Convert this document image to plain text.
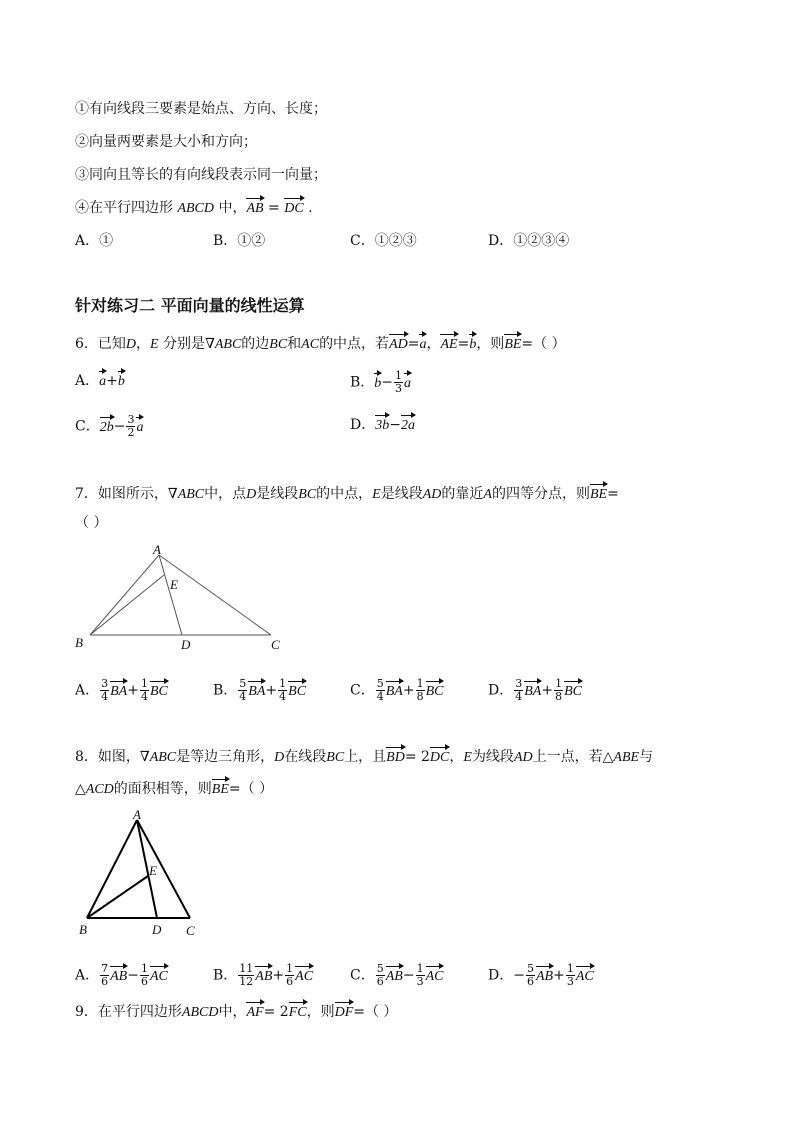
①有向线段三要素是始点、方向、长度；
②向量两要素是大小和方向；
③同向且等长的有向线段表示同一向量；
④在平行四边形 ABCD 中，AB = DC .
A．①	B．①②	C．①②③	D．①②③④
针对练习二 平面向量的线性运算
6．已知D，E 分别是∇ABC的边BC和AC的中点，若AD=a，AE=b，则BE=（ ）
A．a+b	B．$b- \frac{1}{3}$ a
C．$2b- \frac{3}{2}$ a	D．3b−2a
7．如图所示，∇ABC中，点D是线段BC的中点，E是线段AD的靠近A的四等分点，则BE=
（ ）
A
E
B	D	C
A． $\frac{3}{4} BA+ \frac{1}{4}$ BC	B． $\frac{5}{4} BA+ \frac{1}{4}$ BC	C． $\frac{5}{4} BA+ \frac{1}{8}$ BC	D． $\frac{3}{4} BA+ \frac{1}{8}$ BC
8．如图，∇ABC是等边三角形，D在线段BC上，且BD= 2DC，E为线段AD上一点，若△ABE与
△ACD的面积相等，则BE=（ ）
A
E
B	D C
A． $\frac{7}{6} AB- \frac{1}{6}$ AC	B． $\frac{11}{12} AB+ \frac{1}{6}$ AC	C． $\frac{5}{6} AB- \frac{1}{3}$ AC	D．− $\frac{5}{6} AB+ \frac{1}{3}$ AC
9．在平行四边形ABCD中，AF= 2FC，则DF=（ ）
